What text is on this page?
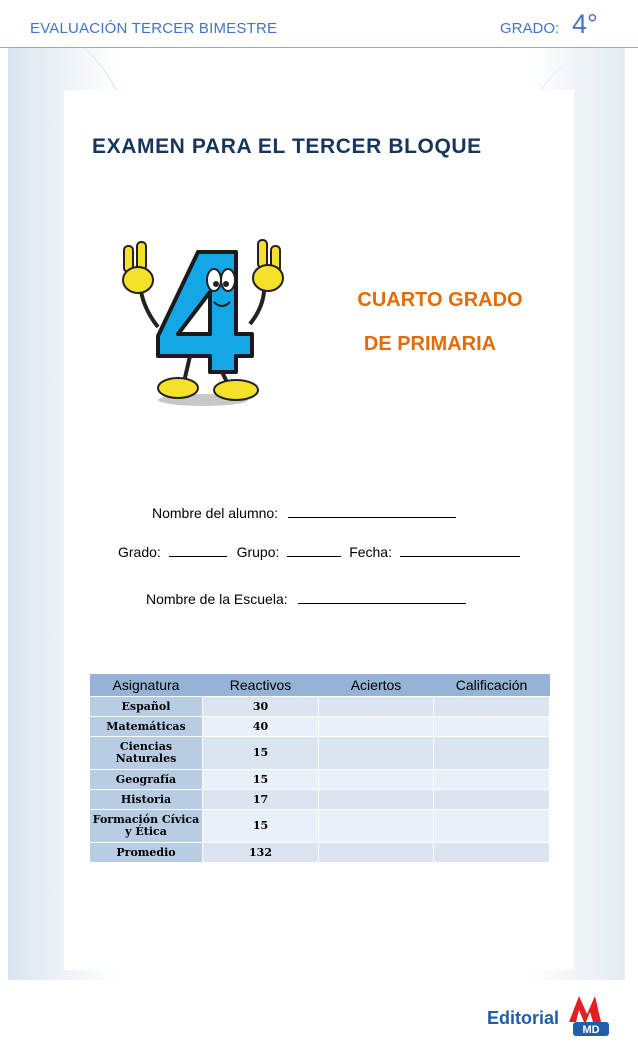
EVALUACIÓN TERCER BIMESTRE	GRADO: 4°
EXAMEN PARA EL TERCER BLOQUE
CUARTO GRADO
DE PRIMARIA
Nombre del alumno:
Grado:	Grupo:	Fecha:
Nombre de la Escuela:
Asignatura	Reactivos	Aciertos	Calificación
Español	30		
Matemáticas	40		
Ciencias Naturales	15		
Geografía	15		
Historia	17		
Formación Cívica y Ética	15		
Promedio	132		
Editorial
MD
